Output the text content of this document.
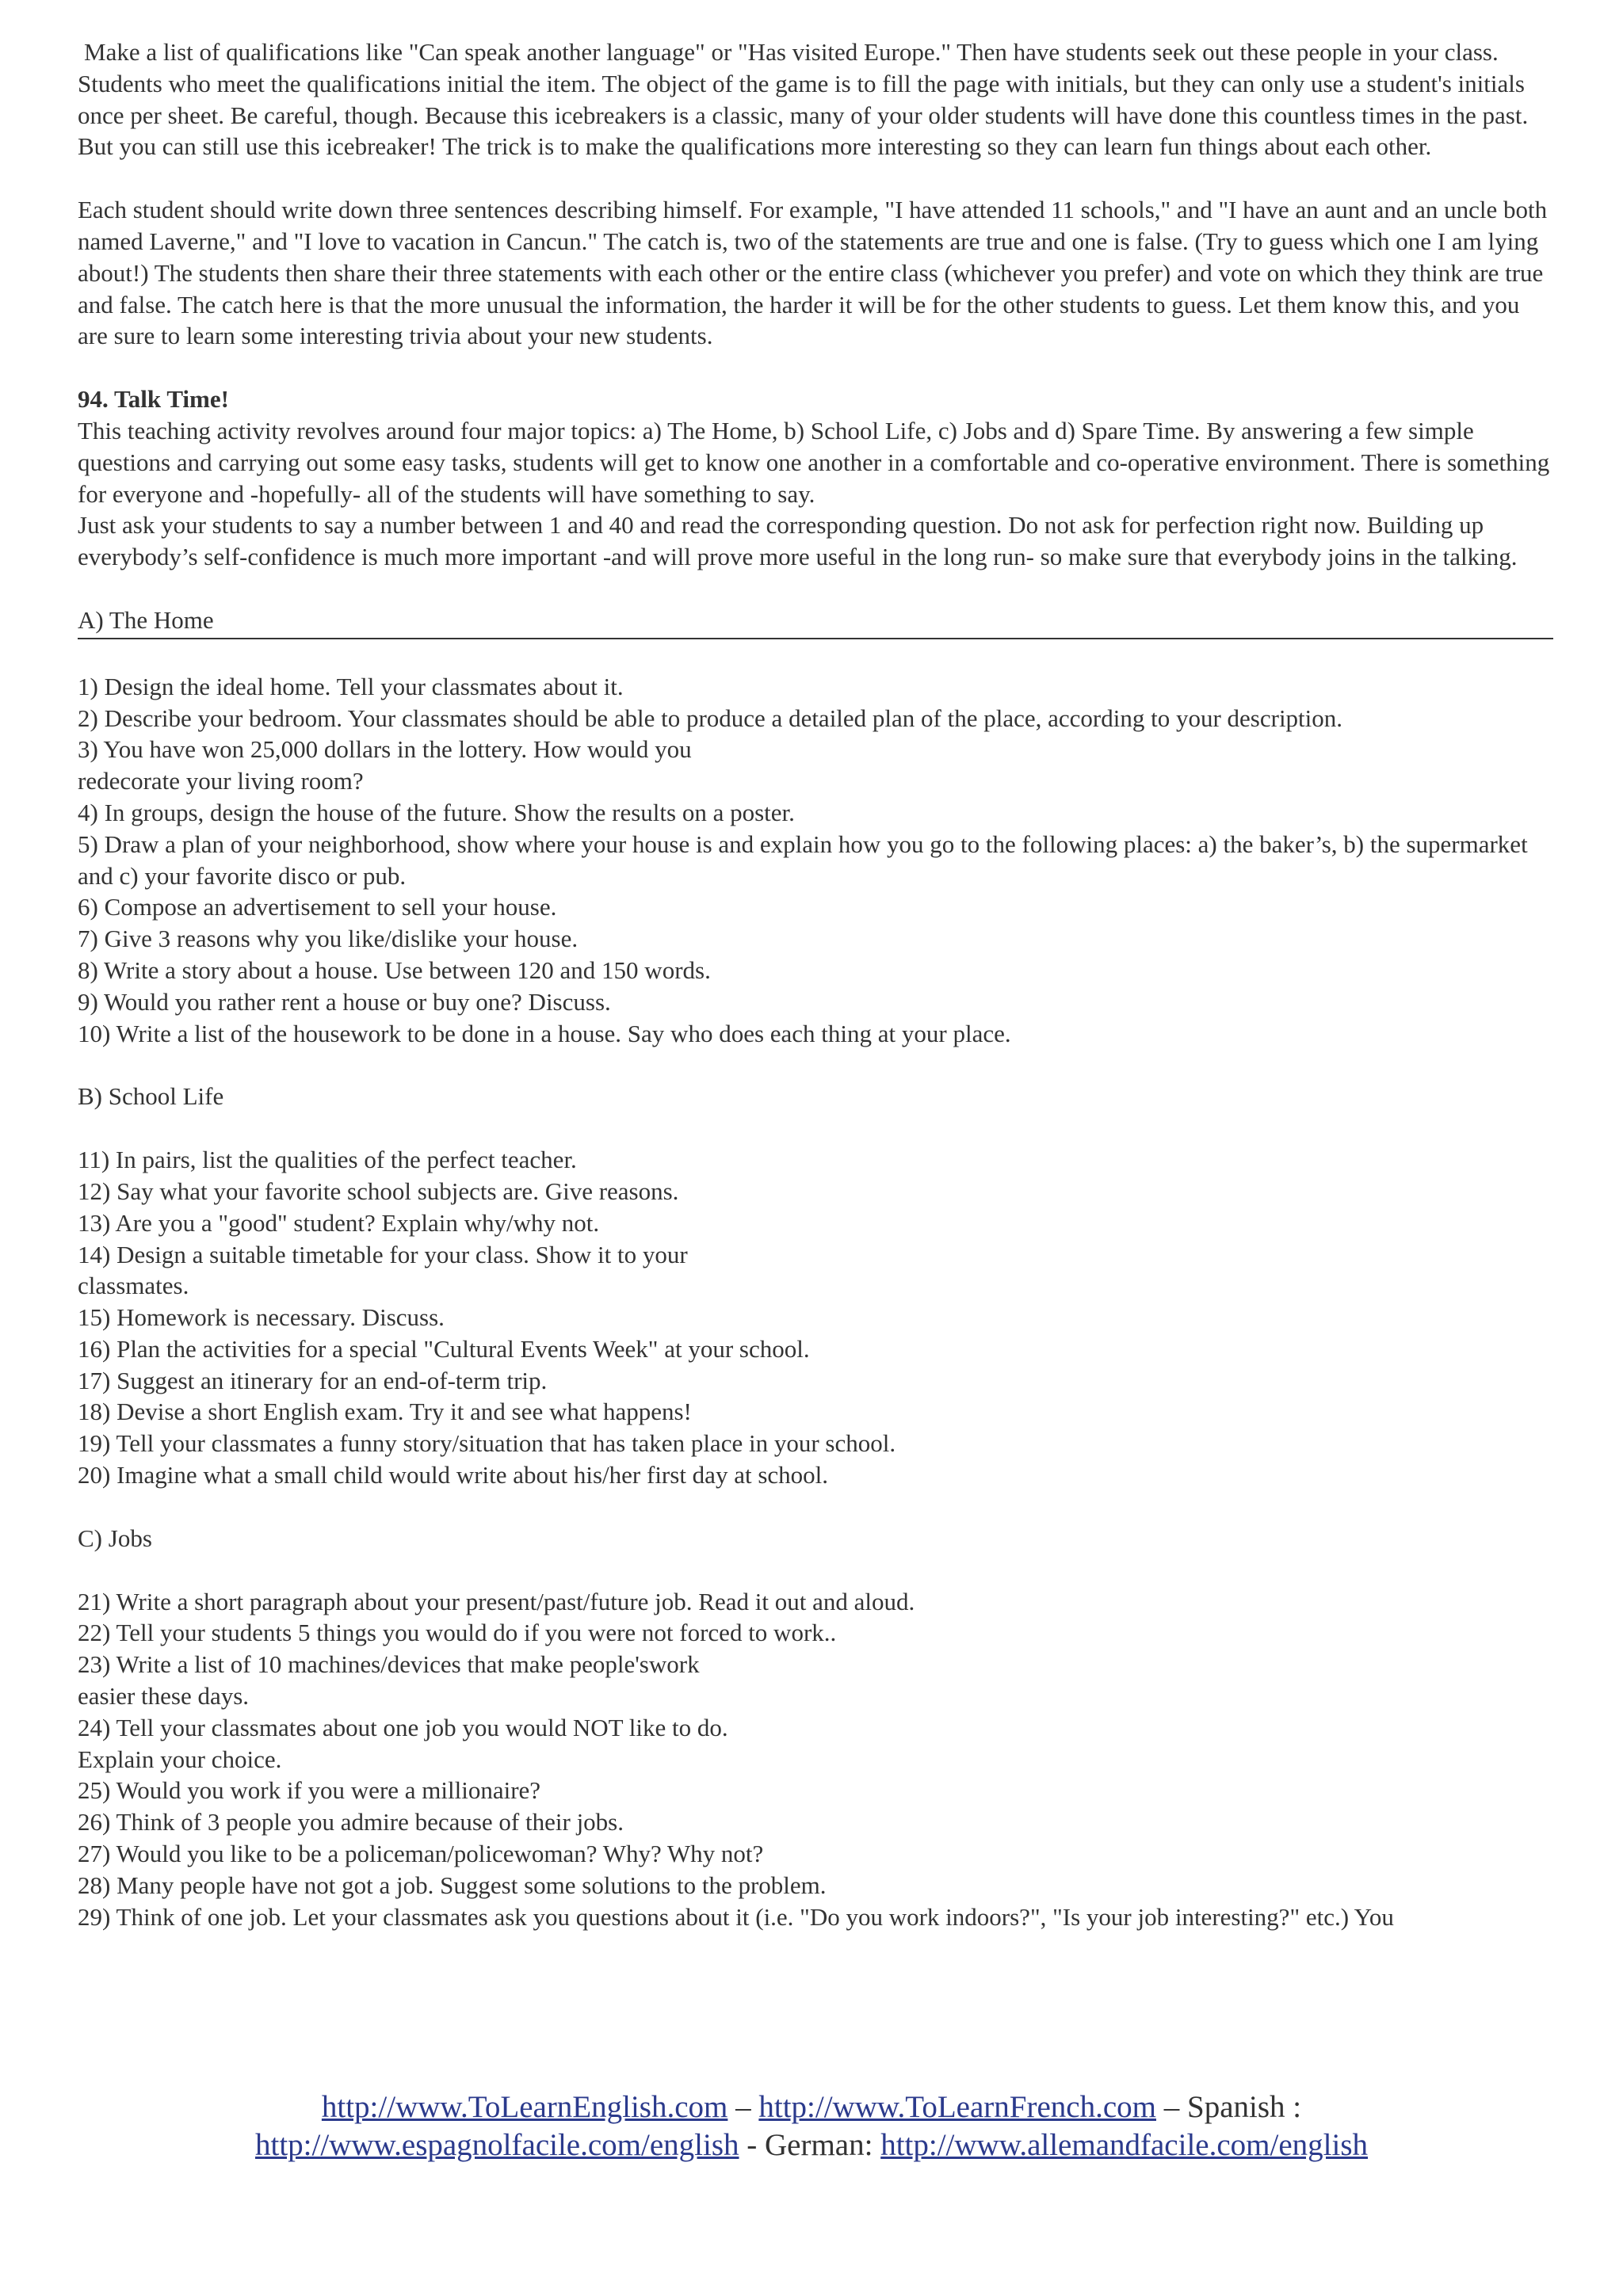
Make a list of qualifications like "Can speak another language" or "Has visited Europe." Then have students seek out these people in your class. Students who meet the qualifications initial the item. The object of the game is to fill the page with initials, but they can only use a student's initials once per sheet. Be careful, though. Because this icebreakers is a classic, many of your older students will have done this countless times in the past. But you can still use this icebreaker! The trick is to make the qualifications more interesting so they can learn fun things about each other.

Each student should write down three sentences describing himself. For example, "I have attended 11 schools," and "I have an aunt and an uncle both named Laverne," and "I love to vacation in Cancun." The catch is, two of the statements are true and one is false. (Try to guess which one I am lying about!) The students then share their three statements with each other or the entire class (whichever you prefer) and vote on which they think are true and false. The catch here is that the more unusual the information, the harder it will be for the other students to guess. Let them know this, and you are sure to learn some interesting trivia about your new students.

94. Talk Time!

This teaching activity revolves around four major topics: a) The Home, b) School Life, c) Jobs and d) Spare Time. By answering a few simple questions and carrying out some easy tasks, students will get to know one another in a comfortable and co-operative environment. There is something for everyone and -hopefully- all of the students will have something to say.

Just ask your students to say a number between 1 and 40 and read the corresponding question. Do not ask for perfection right now. Building up everybody’s self-confidence is much more important -and will prove more useful in the long run- so make sure that everybody joins in the talking.

A) The Home

1) Design the ideal home. Tell your classmates about it.

2) Describe your bedroom. Your classmates should be able to produce a detailed plan of the place, according to your description.

3) You have won 25,000 dollars in the lottery. How would you

redecorate your living room?

4) In groups, design the house of the future. Show the results on a poster.

5) Draw a plan of your neighborhood, show where your house is and explain how you go to the following places: a) the baker’s, b) the supermarket and c) your favorite disco or pub.

6) Compose an advertisement to sell your house.

7) Give 3 reasons why you like/dislike your house.

8) Write a story about a house. Use between 120 and 150 words.

9) Would you rather rent a house or buy one? Discuss.

10) Write a list of the housework to be done in a house. Say who does each thing at your place.

B) School Life

11) In pairs, list the qualities of the perfect teacher.

12) Say what your favorite school subjects are. Give reasons.

13) Are you a "good" student? Explain why/why not.

14) Design a suitable timetable for your class. Show it to your

classmates.

15) Homework is necessary. Discuss.

16) Plan the activities for a special "Cultural Events Week" at your school.

17) Suggest an itinerary for an end-of-term trip.

18) Devise a short English exam. Try it and see what happens!

19) Tell your classmates a funny story/situation that has taken place in your school.

20) Imagine what a small child would write about his/her first day at school.

C) Jobs

21) Write a short paragraph about your present/past/future job. Read it out and aloud.

22) Tell your students 5 things you would do if you were not forced to work..

23) Write a list of 10 machines/devices that make people'swork

easier these days.

24) Tell your classmates about one job you would NOT like to do.

Explain your choice.

25) Would you work if you were a millionaire?

26) Think of 3 people you admire because of their jobs.

27) Would you like to be a policeman/policewoman? Why? Why not?

28) Many people have not got a job. Suggest some solutions to the problem.

29) Think of one job. Let your classmates ask you questions about it (i.e. "Do you work indoors?", "Is your job interesting?" etc.) You

http://www.ToLearnEnglish.com – http://www.ToLearnFrench.com – Spanish :
http://www.espagnolfacile.com/english - German: http://www.allemandfacile.com/english
